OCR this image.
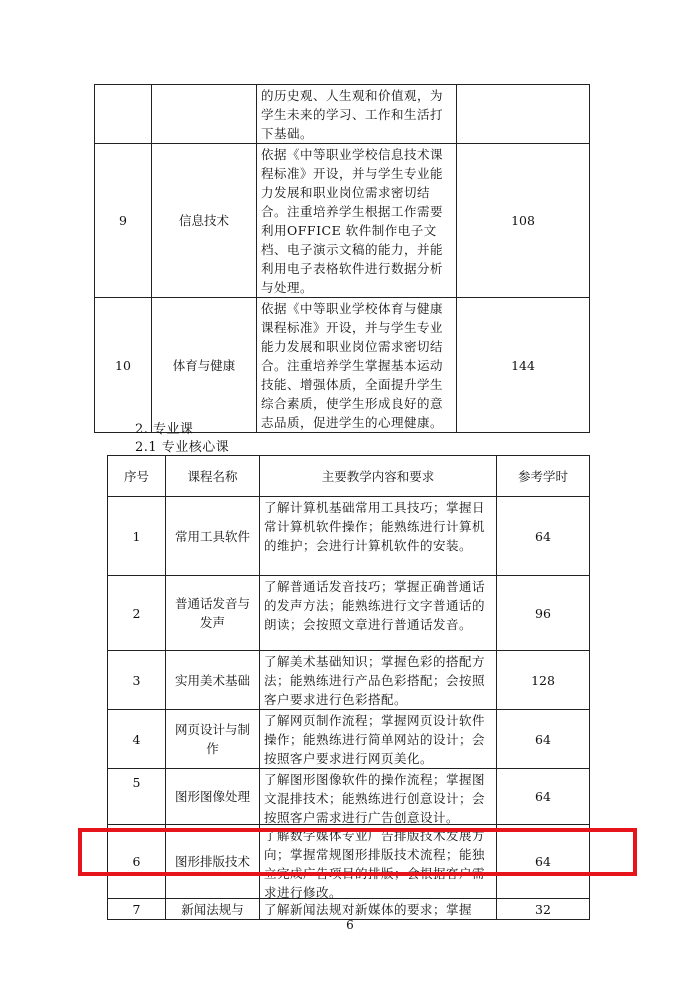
		的历史观、人生观和价值观，为学生未来的学习、工作和生活打下基础。	
9	信息技术	依据《中等职业学校信息技术课程标准》开设，并与学生专业能力发展和职业岗位需求密切结合。注重培养学生根据工作需要利用OFFICE 软件制作电子文档、电子演示文稿的能力，并能利用电子表格软件进行数据分析与处理。	108
10	体育与健康	依据《中等职业学校体育与健康课程标准》开设，并与学生专业能力发展和职业岗位需求密切结合。注重培养学生掌握基本运动技能、增强体质，全面提升学生综合素质，使学生形成良好的意志品质，促进学生的心理健康。	144
2. 专业课
2.1 专业核心课
序号	课程名称	主要教学内容和要求	参考学时
1	常用工具软件	了解计算机基础常用工具技巧；掌握日常计算机软件操作；能熟练进行计算机的维护；会进行计算机软件的安装。	64
2	普通话发音与发声	了解普通话发音技巧；掌握正确普通话的发声方法；能熟练进行文字普通话的朗读；会按照文章进行普通话发音。	96
3	实用美术基础	了解美术基础知识；掌握色彩的搭配方法；能熟练进行产品色彩搭配；会按照客户要求进行色彩搭配。	128
4	网页设计与制作	了解网页制作流程；掌握网页设计软件操作；能熟练进行简单网站的设计；会按照客户要求进行网页美化。	64
5	图形图像处理	了解图形图像软件的操作流程；掌握图文混排技术；能熟练进行创意设计；会按照客户需求进行广告创意设计。	64
6	图形排版技术	了解数字媒体专业广告排版技术发展方向；掌握常规图形排版技术流程；能独立完成广告项目的排版；会根据客户需求进行修改。	64
7	新闻法规与	了解新闻法规对新媒体的要求；掌握	32
6
